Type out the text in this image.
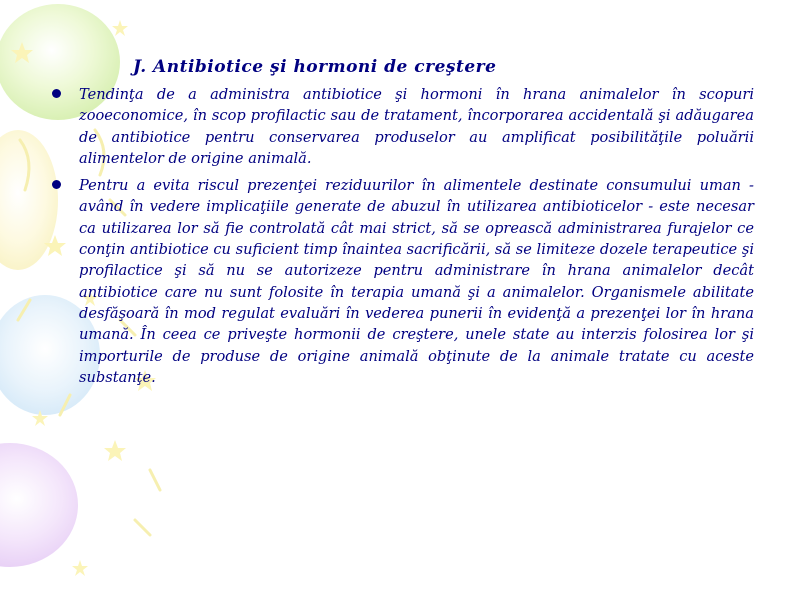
J. Antibiotice şi hormoni de creştere
Tendinţa de a administra antibiotice şi hormoni în hrana animalelor în scopuri zooeconomice, în scop profilactic sau de tratament, încorporarea accidentală şi adăugarea de antibiotice pentru conservarea produselor au amplificat posibilităţile poluării alimentelor de origine animală.
Pentru a evita riscul prezenţei reziduurilor în alimentele destinate consumului uman - având în vedere implicaţiile generate de abuzul în utilizarea antibioticelor - este necesar ca utilizarea lor să fie controlată cât mai strict, să se oprească administrarea furajelor ce conţin antibiotice cu suficient timp înaintea sacrificării, să se limiteze dozele terapeutice şi profilactice şi să nu se autorizeze pentru administrare în hrana animalelor decât antibiotice care nu sunt folosite în terapia umană şi a animalelor. Organismele abilitate desfăşoară în mod regulat evaluări în vederea punerii în evidenţă a prezenţei lor în hrana umană. În ceea ce priveşte hormonii de creştere, unele state au interzis folosirea lor şi importurile de produse de origine animală obţinute de la animale tratate cu aceste substanţe.
